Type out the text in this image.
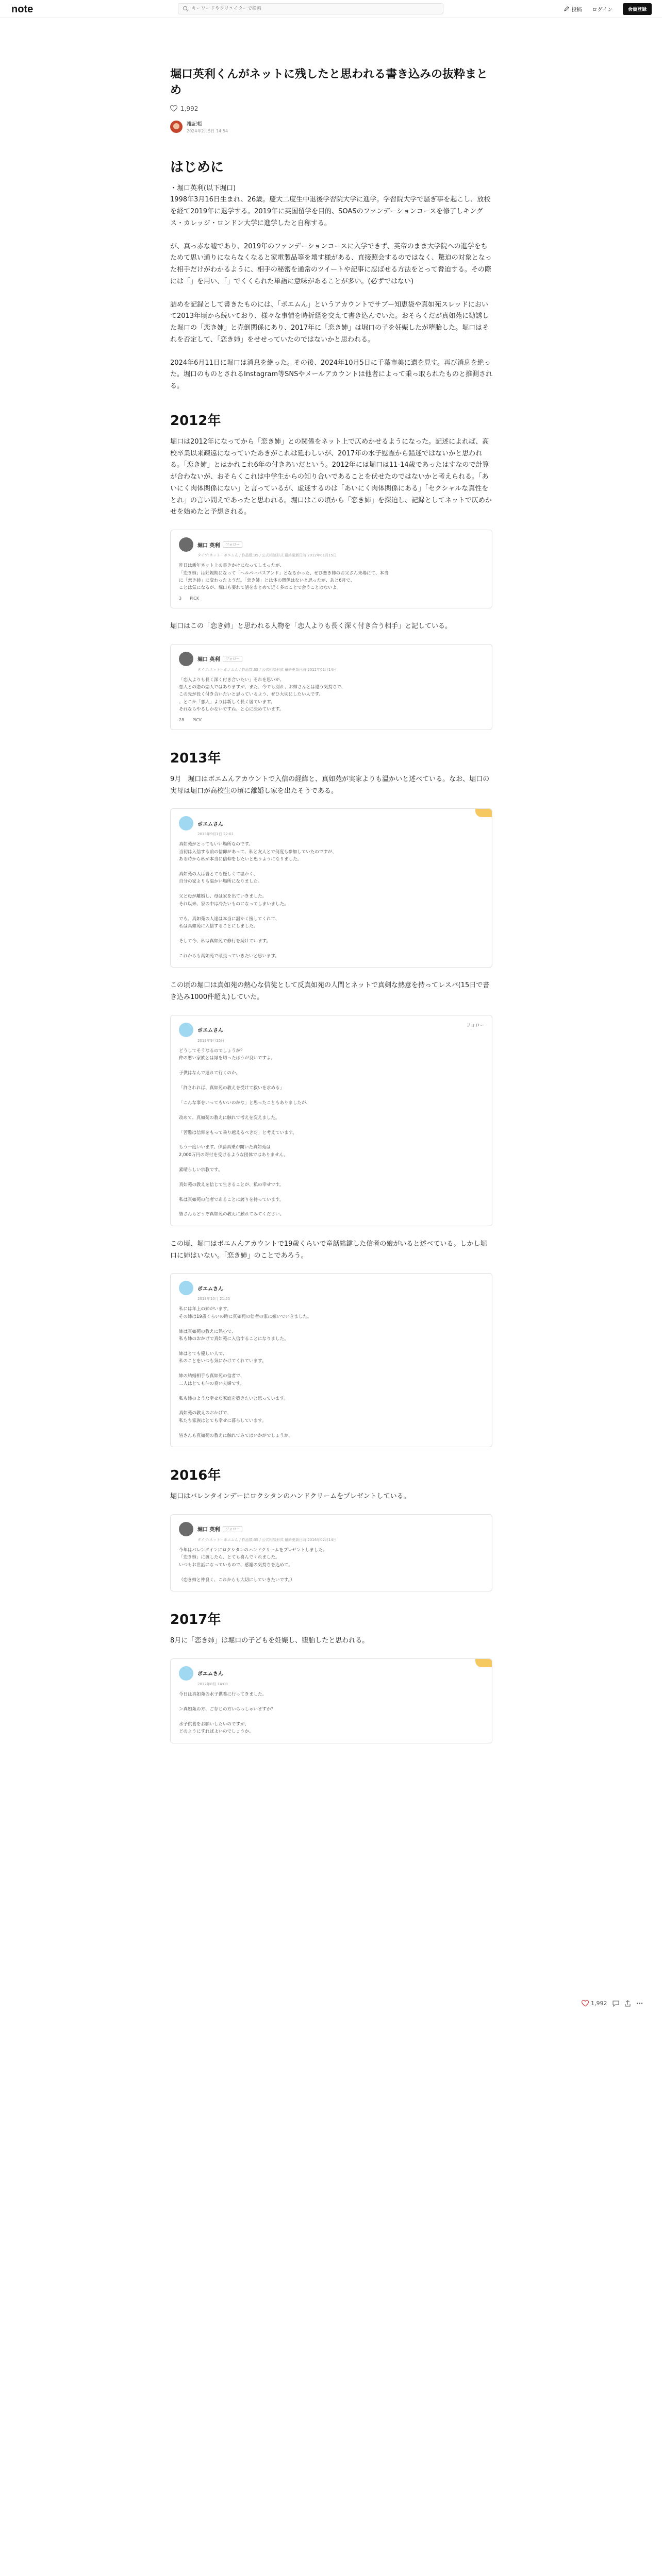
note
キーワードやクリエイターで検索	投稿 ログイン	会員登録
堀口英利くんがネットに残したと思われる書き込みの抜粋まとめ
1,992
雑記帳
2024年2月5日 14:54
はじめに

・堀口英利(以下堀口)
1998年3月16日生まれ、26歳。慶大二度生中退後学習院大学に進学。学習院大学で騒ぎ事を起こし、放校を経て2019年に退学する。2019年に英国留学を目的、SOASのファンデーションコースを修了しキングス・カレッジ・ロンドン大学に進学したと自称する。

が、真っ赤な嘘であり、2019年のファンデーションコースに入学できず、英帝のまま大学院への進学をちためて思い通りにならなくなると家電製品等を壊す様がある、直接照会するのではなく、驚迫の対象となった相手だけがわかるように、相手の秘密を通常のツイートや記事に忍ばせる方法をとって脅迫する。その際には「」を用い、「」でくくられた単語に意味があることが多い。(必ずではない)

詰めを記録として書きたものには、「ボエムん」というアカウントでサブー知恵袋や真如苑スレッドにおいて2013年頃から続いており、様々な事情を時折経を交えて書き込んでいた。おそらくだが真如苑に勧誘した堀口の「恋き姉」と売倒関係にあり、2017年に「恋き姉」は堀口の子を妊娠したが堕胎した。堀口はそれを否定して、「恋き姉」をせせっていたのではないかと思われる。

2024年6月11日に堀口は消息を絶った。その後、2024年10月5日に千葉市美に遺を見す。再び消息を絶った。堀口のものとされるInstagram等SNSやメールアカウントは他者によって乗っ取られたものと推測される。

2012年

堀口は2012年になってから「恋き姉」との関係をネット上で仄めかせるようになった。記述によれば、高校卒業以来疎遠になっていたあきがこれは延わしいが、2017年の水子慰霊から錯迷ではないかと思われる。「恋き姉」とはかれこれ6年の付きあいだという。2012年には堀口は11-14歳であったはすなので計算が合わないが、おそらくこれは中学生からの知り合いであることを伏せたのではないかと考えられる。「あいにく肉体関係にない」と言っているが、虚迷するのは「あいにく肉体関係にある」「セクシャルな真性をとれ」の言い間えであったと思われる。堀口はこの頃から「恋き姉」を探迫し、記録としてネットで仄めかせを始めたと予想される。

堀口 英利	フォロー
タイプ:ネット・ボエムん / 作品数:35 / 公式相談形式 最終更新日時 2012年01月15日
昨日は新年ネット上の書きかけになってしまったが、
「恋き姉」は妊娠期になって「ヘルパーパスアンド」となるかった、ぜひ恋き姉のお父さん来場にて、本当
に「恋き姉」に変わったようだ。「恋き姉」とは体の関係はないと思ったが、あと6月で、
ことは気になるが、堀口も要れて話をまとめて近く多のことで会うことはないよ。
3 PICK

堀口はこの「恋き姉」と思われる人物を「恋人よりも長く深く付き合う相手」と記している。

堀口 英利	フォロー
タイプ:ネット・ボエムん / 作品数:35 / 公式相談形式 最終更新日時 2012年01月14日
「恋人よりも長く深く付き合いたい」それを思いが、
恋人との恋の恋人ではありますが、また、今でも別れ、お姉さんとは違う気持ちで、
この先が長く付き合いたいと思っているよう、ぜひ大切にしたい人です。
、とこか「恋人」よりは新しく長く居ています。
それならやるしかないですね、と心に決めています。
28 PICK
2013年

9月　堀口はボエムんアカウントで入信の経緯と、真如苑が実家よりも温かいと述べている。なお、堀口の実母は堀口が高校生の頃に離婚し家を出たそうである。

ボエムさん
2013年9月1日 22:01
真如苑がとってもいい場所なのです。
当初は入信する前の信仰があって、私と友人とで何度も参加していたのですが、
ある時から私が本当に信仰をしたいと思うようになりました。

真如苑の人は皆とても優しくて温かく、
自分の家よりも温かい場所になりました。

父と母が離婚し、母は家を出ていきました。
それ以来、家の中は冷たいものになってしまいました。

でも、真如苑の人達は本当に温かく接してくれて、
私は真如苑に入信することにしました。

そして今、私は真如苑で修行を続けています。

これからも真如苑で頑張っていきたいと思います。

この頃の堀口は真如苑の熱心な信徒として反真如苑の人間とネットで真剣な熱意を持ってレスバ(15日で書き込み1000件超え)していた。

フォロー
ボエムさん
2013年9月15日
どうしてそうなるのでしょうか？
仲の悪い家族とは縁を切ったほうが良いですよ。

子供はなんで連れて行くのか。

「許されれば、真如苑の教えを受けて救いを求める」

「こんな事をいってもいいのかな」と思ったこともありましたが、

改めて、真如苑の教えに触れて考えを変えました。

「苦難は信仰をもって乗り越えるべきだ」と考えています。

もう一度いいます。伊藤真乗が開いた真如苑は
2,000万円の寄付を受けるような団体ではありません。

素晴らしい宗教です。

真如苑の教えを信じて生きることが、私の幸せです。

私は真如苑の信者であることに誇りを持っています。

皆さんもどうぞ真如苑の教えに触れてみてください。

この頃、堀口はボエムんアカウントで19歳くらいで童話総鍵した信者の娘がいると述べている。しかし堀口に姉はいない。「恋き姉」のことであろう。

ボエムさん
2013年10月 21:55
私には年上の姉がいます。
その姉は19歳くらいの時に真如苑の信者の家に嫁いでいきました。

姉は真如苑の教えに熱心で、
私も姉のおかげで真如苑に入信することになりました。

姉はとても優しい人で、
私のことをいつも気にかけてくれています。

姉の結婚相手も真如苑の信者で、
二人はとても仲の良い夫婦です。

私も姉のような幸せな家庭を築きたいと思っています。

真如苑の教えのおかげで、
私たち家族はとても幸せに暮らしています。

皆さんも真如苑の教えに触れてみてはいかがでしょうか。
2016年

堀口はバレンタインデーにロクシタンのハンドクリームをプレゼントしている。

堀口 英利	フォロー
タイプ:ネット・ボエムん / 作品数:35 / 公式相談形式 最終更新日時 2016年02月14日
今年はバレンタインにロクシタンのハンドクリームをプレゼントしました。
「恋き姉」に渡したら、とても喜んでくれました。
いつもお世話になっているので、感謝の気持ちを込めて。

（恋き姉と仲良く、これからも大切にしていきたいです。）
2017年

8月に「恋き姉」は堀口の子どもを妊娠し、堕胎したと思われる。

ボエムさん
2017年8月 14:00
今日は真如苑の水子供養に行ってきました。

＞真如苑の方、ご存じの方いらっしゃいますか？

水子供養をお願いしたいのですが、
どのようにすればよいのでしょうか。
1,992
